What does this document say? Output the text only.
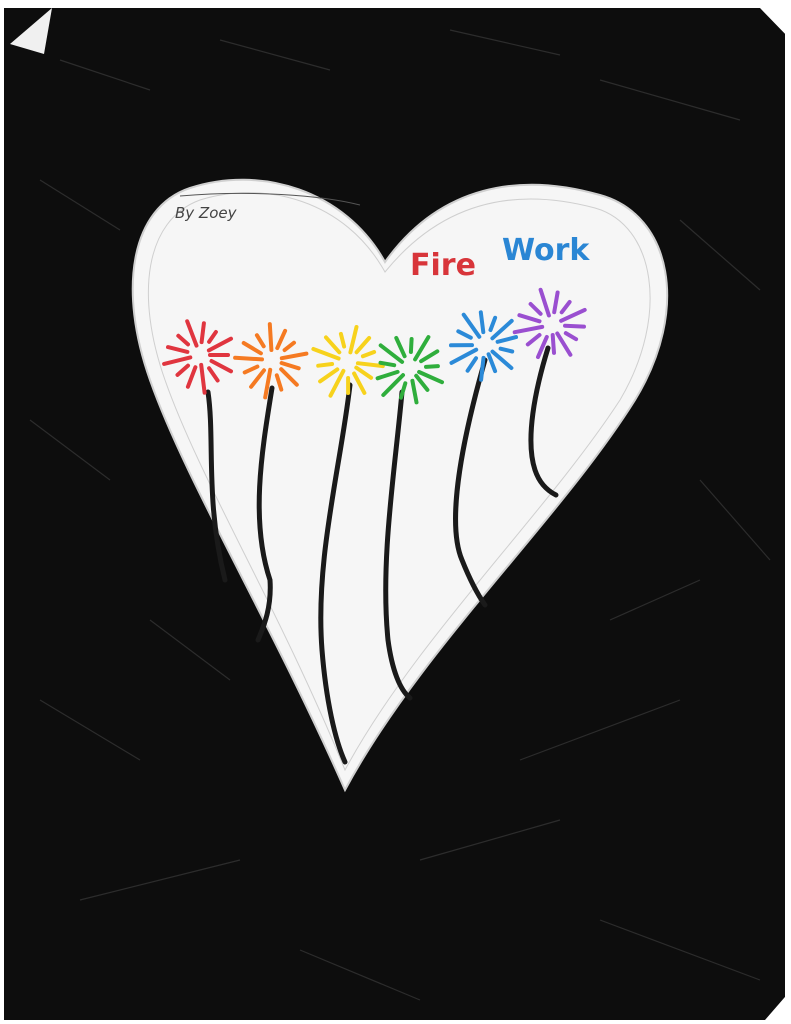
By Zoey
Fire Work
